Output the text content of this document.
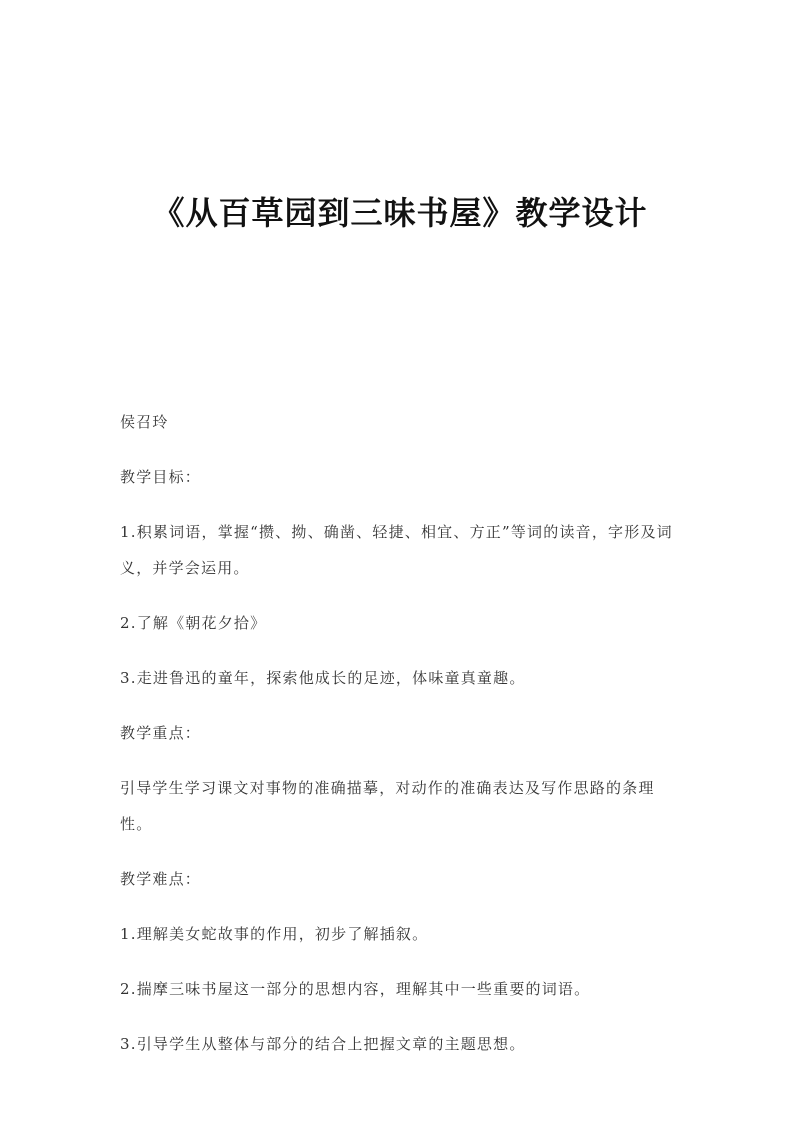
《从百草园到三味书屋》教学设计

侯召玲

教学目标：

1.积累词语，掌握“攒、拗、确凿、轻捷、相宜、方正”等词的读音，字形及词义，并学会运用。

2.了解《朝花夕拾》

3.走进鲁迅的童年，探索他成长的足迹，体味童真童趣。

教学重点：

引导学生学习课文对事物的准确描摹，对动作的准确表达及写作思路的条理性。

教学难点：

1.理解美女蛇故事的作用，初步了解插叙。

2.揣摩三味书屋这一部分的思想内容，理解其中一些重要的词语。

3.引导学生从整体与部分的结合上把握文章的主题思想。
